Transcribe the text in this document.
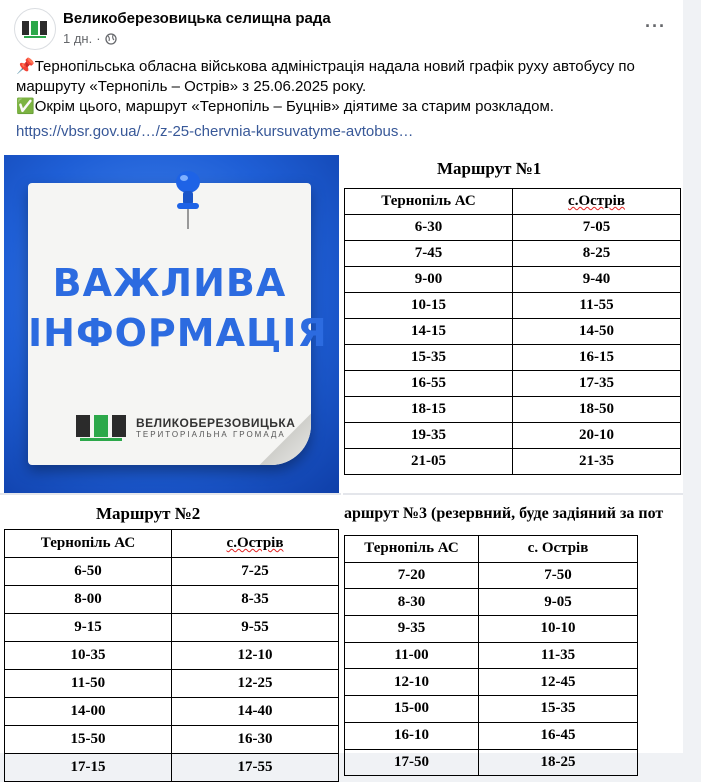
Великоберезовицька селищна рада
1 дн. ·
···

📌Тернопільська обласна військова адміністрація надала новий графік руху автобусу по маршруту «Тернопіль – Острів» з 25.06.2025 року.

✅Окрім цього, маршрут «Тернопіль – Буцнів» діятиме за старим розкладом.

https://vbsr.gov.ua/…/z-25-chervnia-kursuvatyme-avtobus…
ВАЖЛИВА
ІНФОРМАЦІЯ
ВЕЛИКОБЕРЕЗОВИЦЬКА
ТЕРИТОРІАЛЬНА ГРОМАДА
Маршрут №1
Тернопіль АС	с.Острів
6-30	7-05
7-45	8-25
9-00	9-40
10-15	11-55
14-15	14-50
15-35	16-15
16-55	17-35
18-15	18-50
19-35	20-10
21-05	21-35
Маршрут №2
Тернопіль АС	с.Острів
6-50	7-25
8-00	8-35
9-15	9-55
10-35	12-10
11-50	12-25
14-00	14-40
15-50	16-30
17-15	17-55
аршрут №3 (резервний, буде задіяний за пот
Тернопіль АС	с. Острів
7-20	7-50
8-30	9-05
9-35	10-10
11-00	11-35
12-10	12-45
15-00	15-35
16-10	16-45
17-50	18-25
